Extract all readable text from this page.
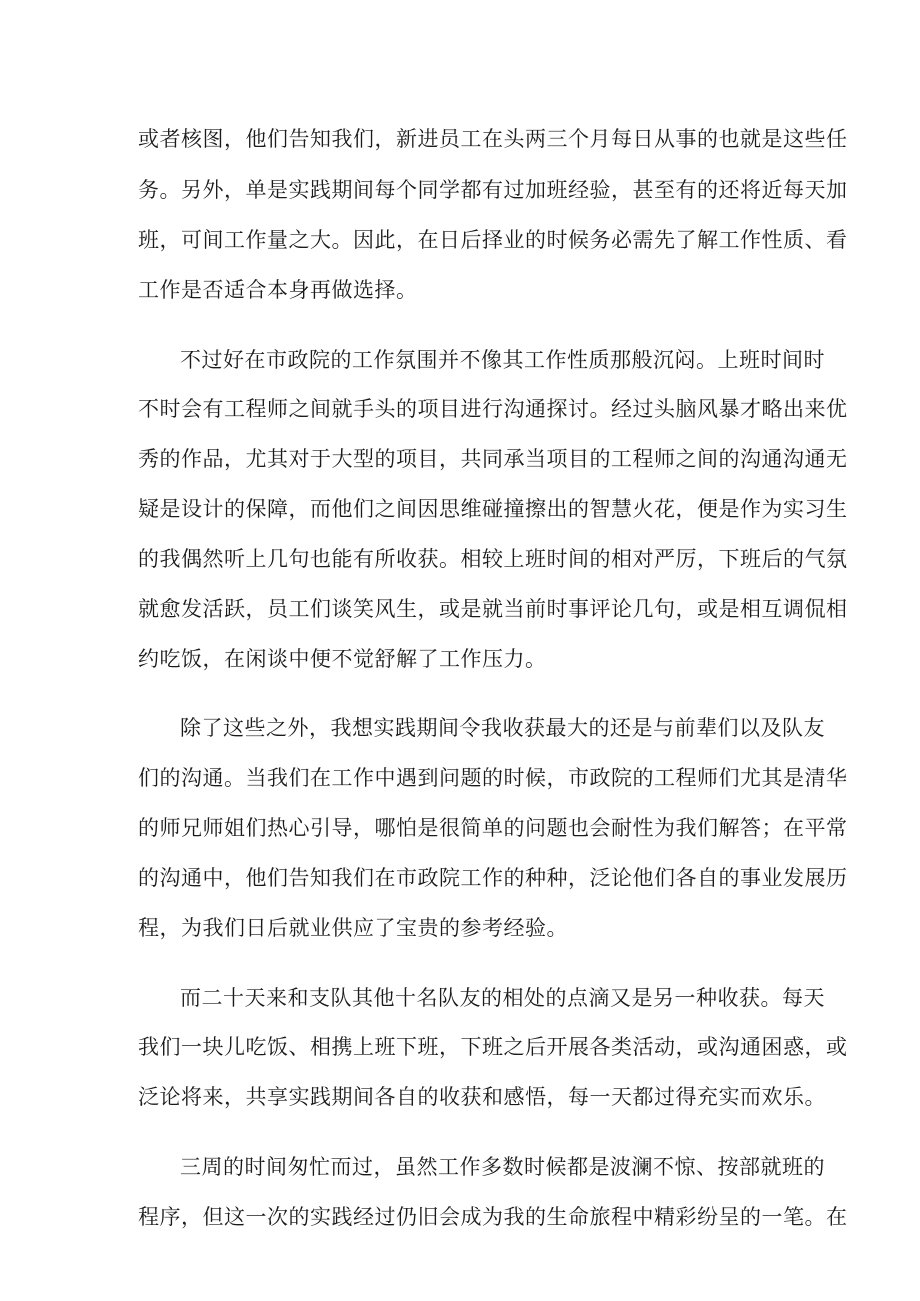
或者核图，他们告知我们，新进员工在头两三个月每日从事的也就是这些任
务。另外，单是实践期间每个同学都有过加班经验，甚至有的还将近每天加
班，可间工作量之大。因此，在日后择业的时候务必需先了解工作性质、看
工作是否适合本身再做选择。
不过好在市政院的工作氛围并不像其工作性质那般沉闷。上班时间时
不时会有工程师之间就手头的项目进行沟通探讨。经过头脑风暴才略出来优
秀的作品，尤其对于大型的项目，共同承当项目的工程师之间的沟通沟通无
疑是设计的保障，而他们之间因思维碰撞擦出的智慧火花，便是作为实习生
的我偶然听上几句也能有所收获。相较上班时间的相对严厉，下班后的气氛
就愈发活跃，员工们谈笑风生，或是就当前时事评论几句，或是相互调侃相
约吃饭，在闲谈中便不觉舒解了工作压力。
除了这些之外，我想实践期间令我收获最大的还是与前辈们以及队友
们的沟通。当我们在工作中遇到问题的时候，市政院的工程师们尤其是清华
的师兄师姐们热心引导，哪怕是很简单的问题也会耐性为我们解答；在平常
的沟通中，他们告知我们在市政院工作的种种，泛论他们各自的事业发展历
程，为我们日后就业供应了宝贵的参考经验。
而二十天来和支队其他十名队友的相处的点滴又是另一种收获。每天
我们一块儿吃饭、相携上班下班，下班之后开展各类活动，或沟通困惑，或
泛论将来，共享实践期间各自的收获和感悟，每一天都过得充实而欢乐。
三周的时间匆忙而过，虽然工作多数时候都是波澜不惊、按部就班的
程序，但这一次的实践经过仍旧会成为我的生命旅程中精彩纷呈的一笔。在
